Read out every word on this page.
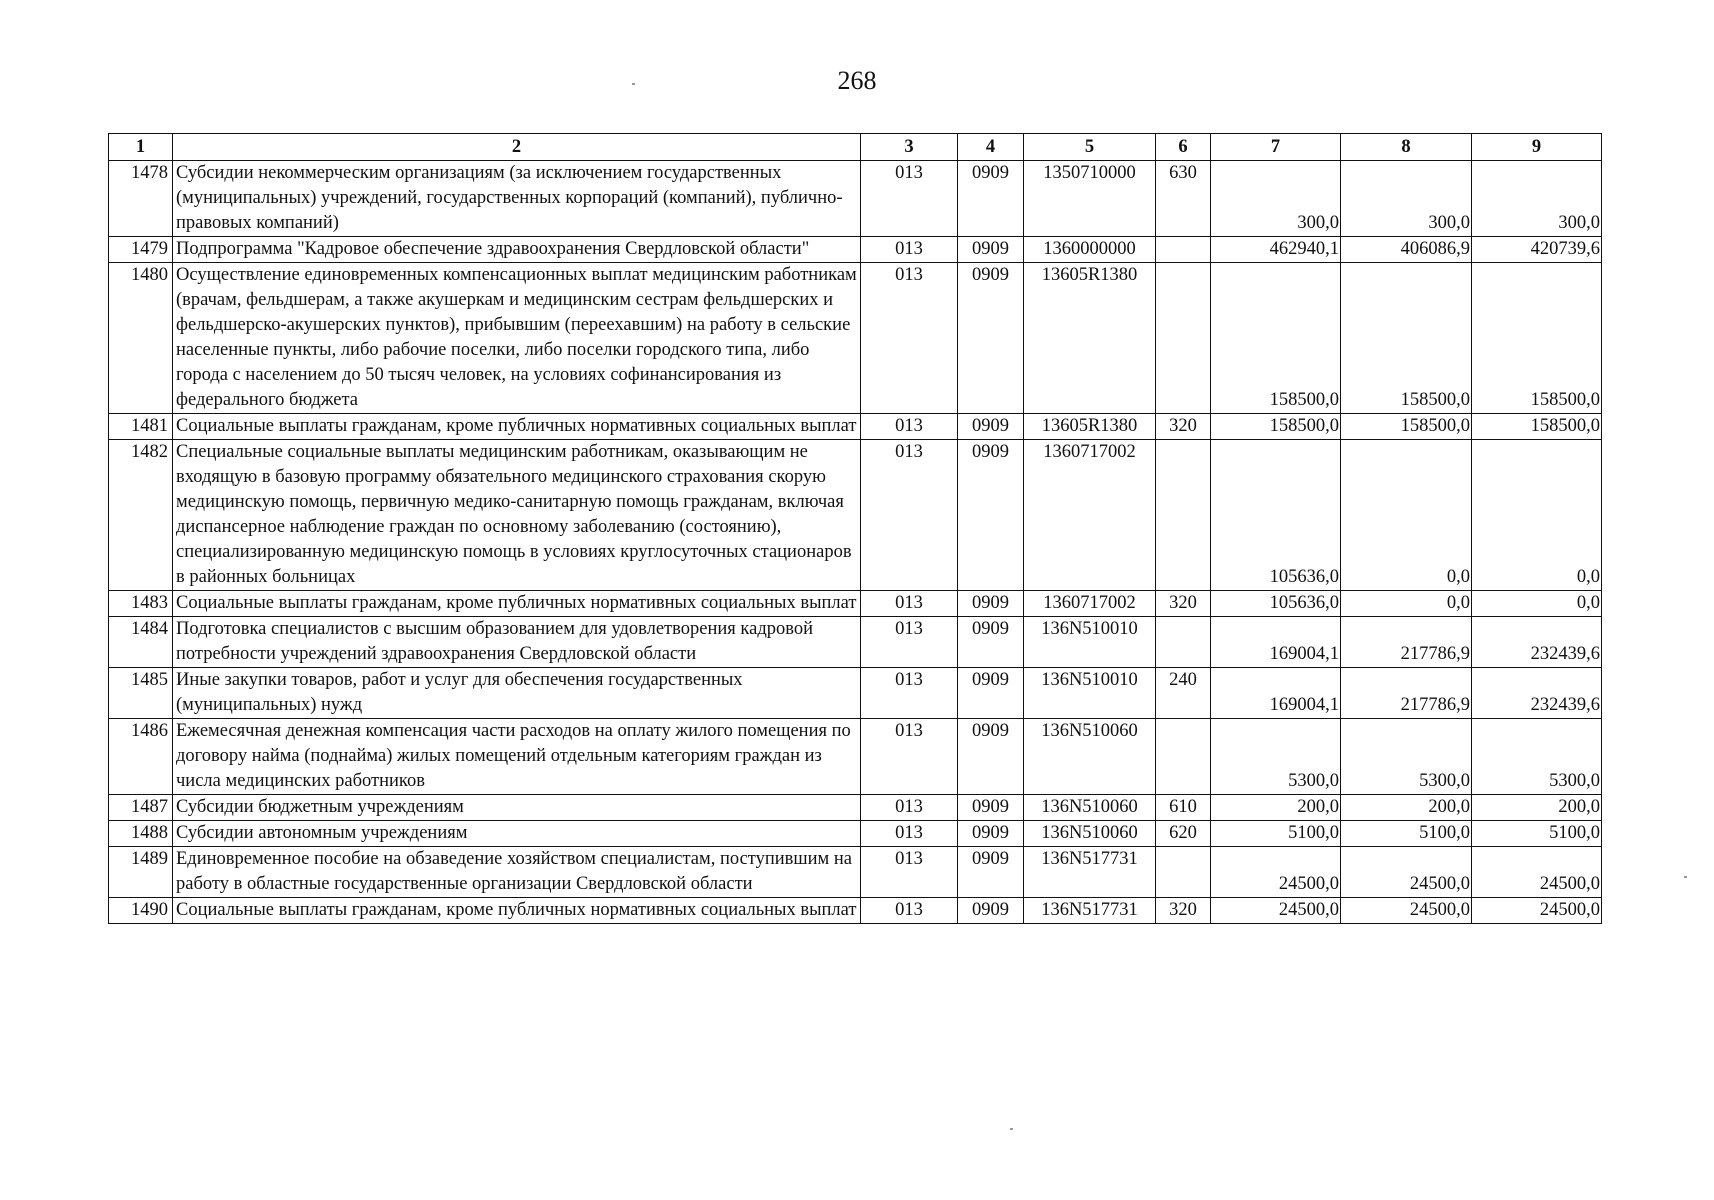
268
1	2	3	4	5	6	7	8	9
1478	Субсидии некоммерческим организациям (за исключением государственных (муниципальных) учреждений, государственных корпораций (компаний), публично-правовых компаний)	013	0909	1350710000	630	300,0	300,0	300,0
1479	Подпрограмма "Кадровое обеспечение здравоохранения Свердловской области"	013	0909	1360000000		462940,1	406086,9	420739,6
1480	Осуществление единовременных компенсационных выплат медицинским работникам (врачам, фельдшерам, а также акушеркам и медицинским сестрам фельдшерских и фельдшерско-акушерских пунктов), прибывшим (переехавшим) на работу в сельские населенные пункты, либо рабочие поселки, либо поселки городского типа, либо города с населением до 50 тысяч человек, на условиях софинансирования из федерального бюджета	013	0909	13605R1380		158500,0	158500,0	158500,0
1481	Социальные выплаты гражданам, кроме публичных нормативных социальных выплат	013	0909	13605R1380	320	158500,0	158500,0	158500,0
1482	Специальные социальные выплаты медицинским работникам, оказывающим не входящую в базовую программу обязательного медицинского страхования скорую медицинскую помощь, первичную медико-санитарную помощь гражданам, включая диспансерное наблюдение граждан по основному заболеванию (состоянию), специализированную медицинскую помощь в условиях круглосуточных стационаров в районных больницах	013	0909	1360717002		105636,0	0,0	0,0
1483	Социальные выплаты гражданам, кроме публичных нормативных социальных выплат	013	0909	1360717002	320	105636,0	0,0	0,0
1484	Подготовка специалистов с высшим образованием для удовлетворения кадровой потребности учреждений здравоохранения Свердловской области	013	0909	136N510010		169004,1	217786,9	232439,6
1485	Иные закупки товаров, работ и услуг для обеспечения государственных (муниципальных) нужд	013	0909	136N510010	240	169004,1	217786,9	232439,6
1486	Ежемесячная денежная компенсация части расходов на оплату жилого помещения по договору найма (поднайма) жилых помещений отдельным категориям граждан из числа медицинских работников	013	0909	136N510060		5300,0	5300,0	5300,0
1487	Субсидии бюджетным учреждениям	013	0909	136N510060	610	200,0	200,0	200,0
1488	Субсидии автономным учреждениям	013	0909	136N510060	620	5100,0	5100,0	5100,0
1489	Единовременное пособие на обзаведение хозяйством специалистам, поступившим на работу в областные государственные организации Свердловской области	013	0909	136N517731		24500,0	24500,0	24500,0
1490	Социальные выплаты гражданам, кроме публичных нормативных социальных выплат	013	0909	136N517731	320	24500,0	24500,0	24500,0
